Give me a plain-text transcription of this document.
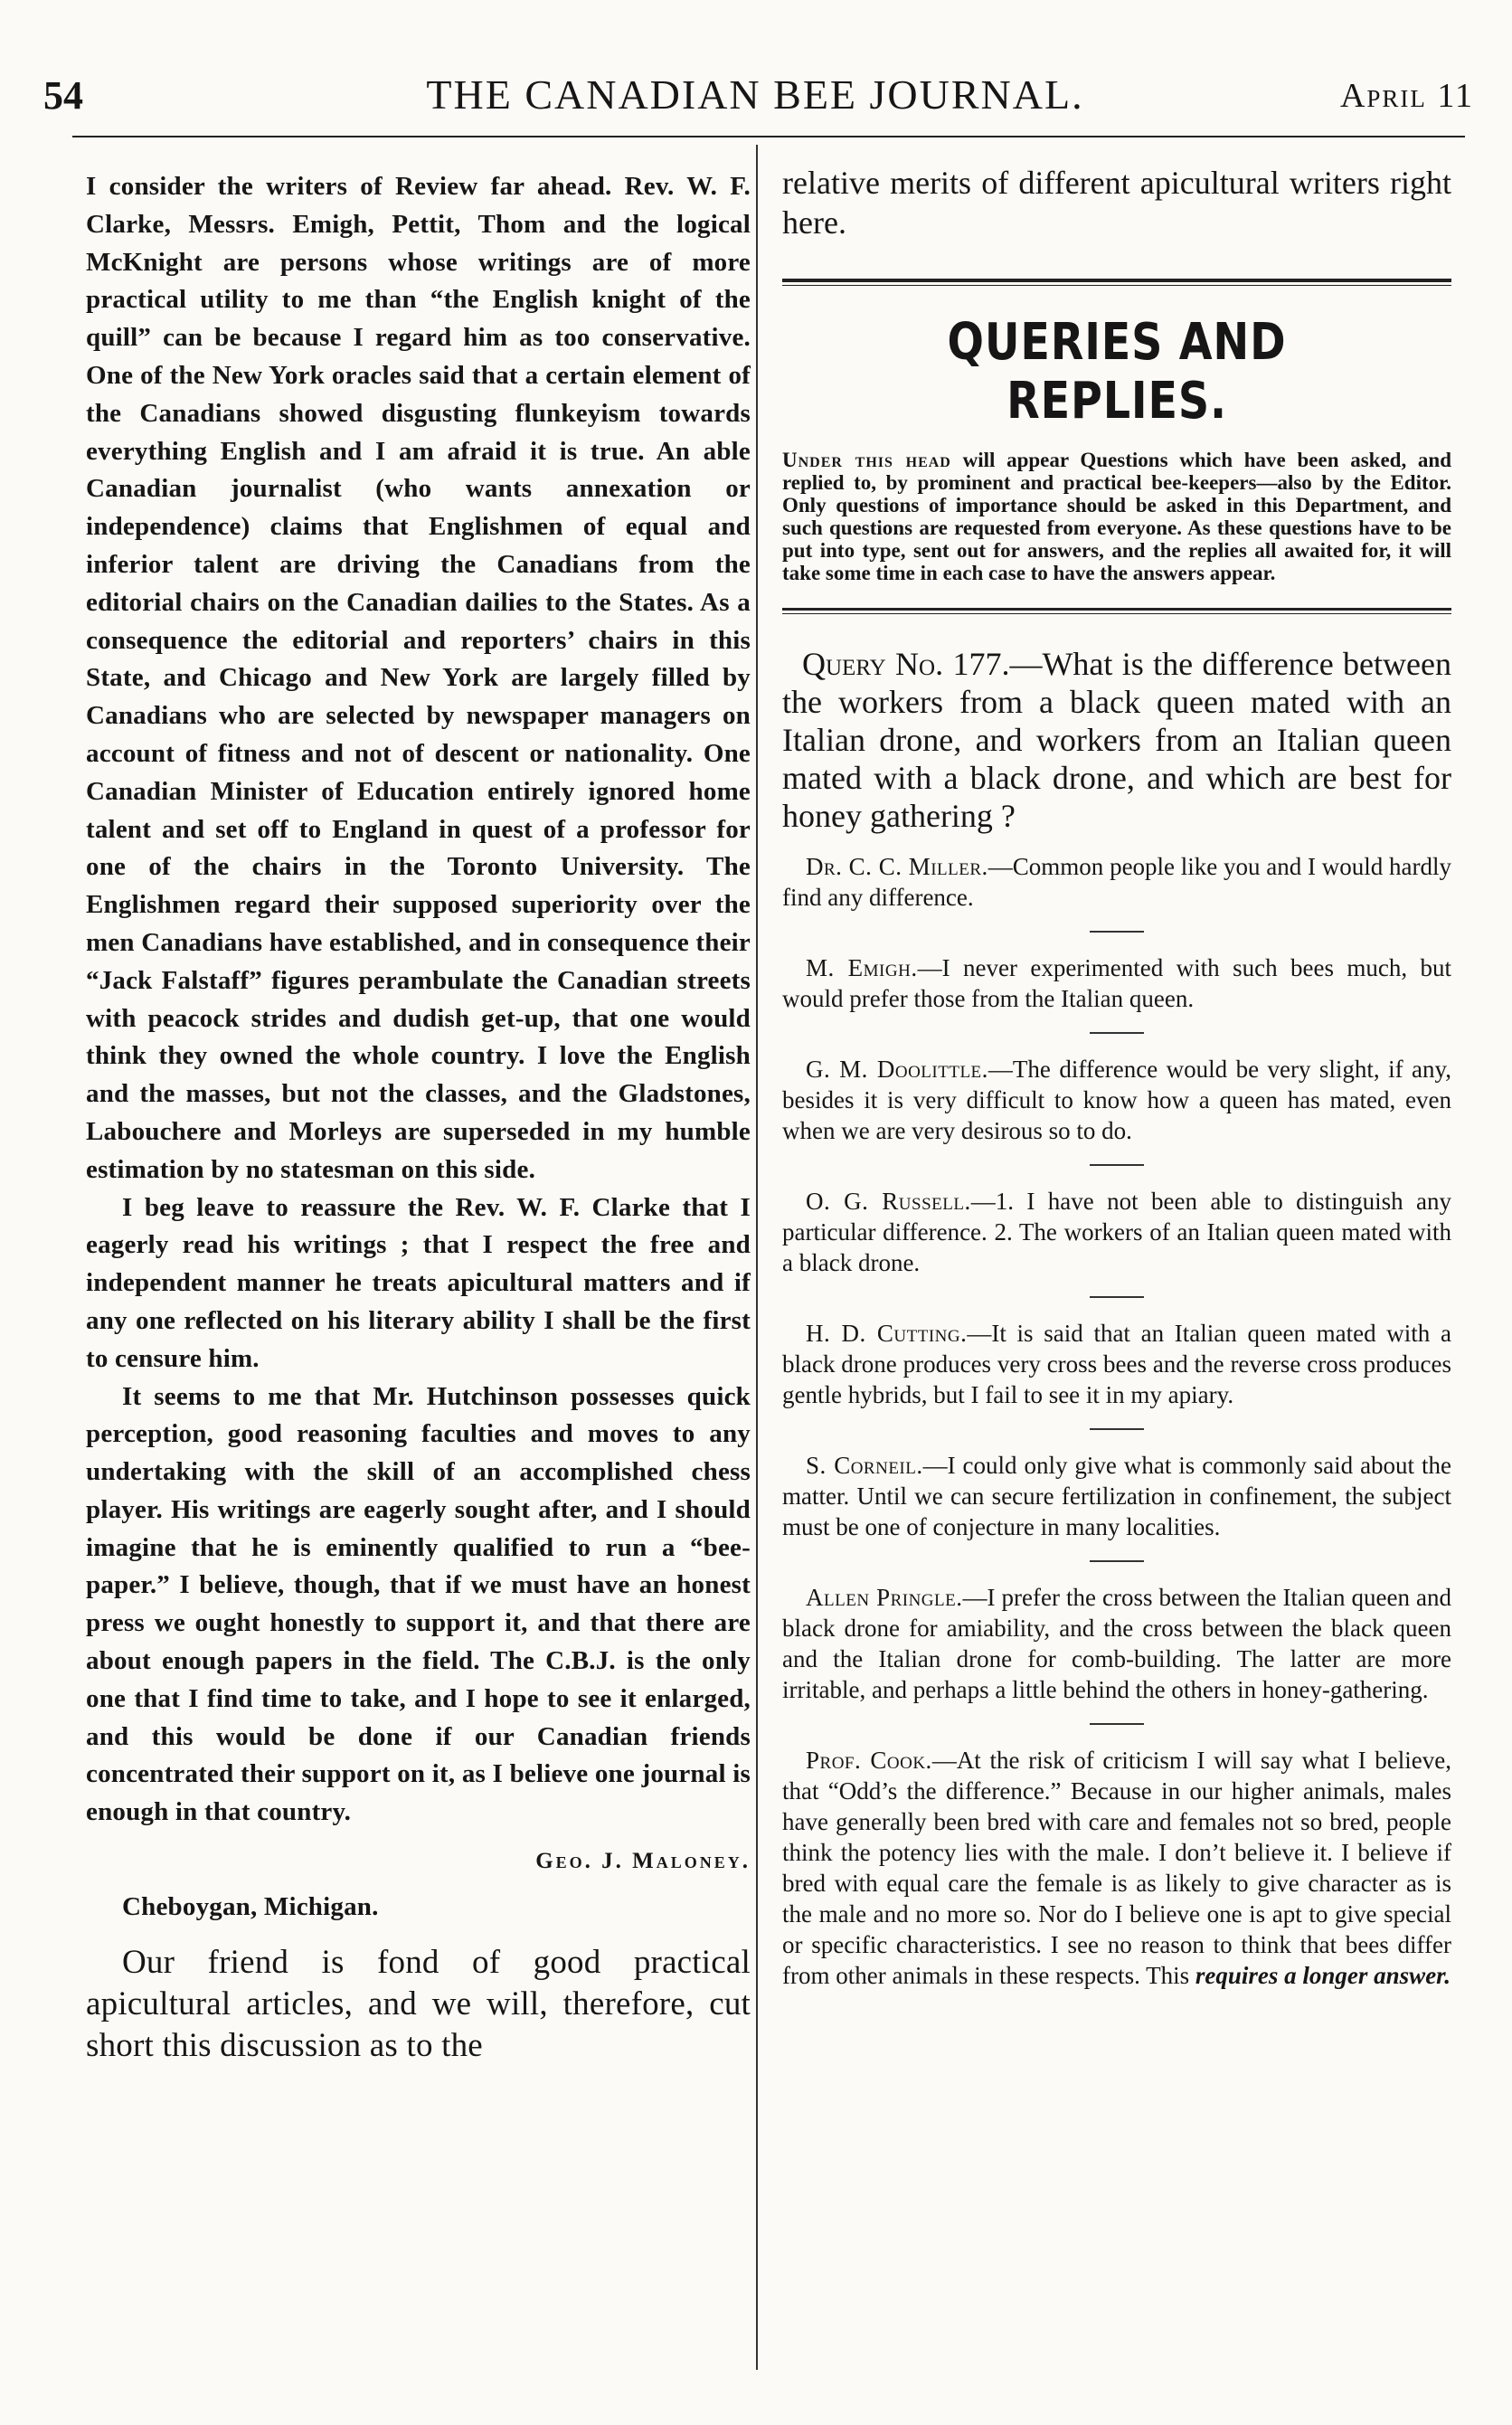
54	THE CANADIAN BEE JOURNAL.	April 11

I consider the writers of Review far ahead. Rev. W. F. Clarke, Messrs. Emigh, Pettit, Thom and the logical McKnight are persons whose writings are of more practical utility to me than “the English knight of the quill” can be because I regard him as too conservative. One of the New York oracles said that a certain element of the Canadians showed disgusting flunkeyism towards everything English and I am afraid it is true. An able Canadian journalist (who wants annexation or independence) claims that Englishmen of equal and inferior talent are driving the Canadians from the editorial chairs on the Canadian dailies to the States. As a consequence the editorial and reporters’ chairs in this State, and Chicago and New York are largely filled by Canadians who are selected by newspaper managers on account of fitness and not of descent or nationality. One Canadian Minister of Education entirely ignored home talent and set off to England in quest of a professor for one of the chairs in the Toronto University. The Englishmen regard their supposed superiority over the men Canadians have established, and in consequence their “Jack Falstaff” figures perambulate the Canadian streets with peacock strides and dudish get-up, that one would think they owned the whole country. I love the English and the masses, but not the classes, and the Gladstones, Labouchere and Morleys are superseded in my humble estimation by no statesman on this side.

I beg leave to reassure the Rev. W. F. Clarke that I eagerly read his writings ; that I respect the free and independent manner he treats apicultural matters and if any one reflected on his literary ability I shall be the first to censure him.

It seems to me that Mr. Hutchinson possesses quick perception, good reasoning faculties and moves to any undertaking with the skill of an accomplished chess player. His writings are eagerly sought after, and I should imagine that he is eminently qualified to run a “bee-paper.” I believe, though, that if we must have an honest press we ought honestly to support it, and that there are about enough papers in the field. The C.B.J. is the only one that I find time to take, and I hope to see it enlarged, and this would be done if our Canadian friends concentrated their support on it, as I believe one journal is enough in that country.

Geo. J. Maloney.

Cheboygan, Michigan.

Our friend is fond of good practical apicultural articles, and we will, therefore, cut short this discussion as to the

relative merits of different apicultural writers right here.

QUERIES AND REPLIES.

Under this head will appear Questions which have been asked, and replied to, by prominent and practical bee-keepers—also by the Editor. Only questions of importance should be asked in this Department, and such questions are requested from everyone. As these questions have to be put into type, sent out for answers, and the replies all awaited for, it will take some time in each case to have the answers appear.

Query No. 177.—What is the difference between the workers from a black queen mated with an Italian drone, and workers from an Italian queen mated with a black drone, and which are best for honey gathering ?

Dr. C. C. Miller.—Common people like you and I would hardly find any difference.

M. Emigh.—I never experimented with such bees much, but would prefer those from the Italian queen.

G. M. Doolittle.—The difference would be very slight, if any, besides it is very difficult to know how a queen has mated, even when we are very desirous so to do.

O. G. Russell.—1. I have not been able to distinguish any particular difference. 2. The workers of an Italian queen mated with a black drone.

H. D. Cutting.—It is said that an Italian queen mated with a black drone produces very cross bees and the reverse cross produces gentle hybrids, but I fail to see it in my apiary.

S. Corneil.—I could only give what is commonly said about the matter. Until we can secure fertilization in confinement, the subject must be one of conjecture in many localities.

Allen Pringle.—I prefer the cross between the Italian queen and black drone for amiability, and the cross between the black queen and the Italian drone for comb-building. The latter are more irritable, and perhaps a little behind the others in honey-gathering.

Prof. Cook.—At the risk of criticism I will say what I believe, that “Odd’s the difference.” Because in our higher animals, males have generally been bred with care and females not so bred, people think the potency lies with the male. I don’t believe it. I believe if bred with equal care the female is as likely to give character as is the male and no more so. Nor do I believe one is apt to give special or specific characteristics. I see no reason to think that bees differ from other animals in these respects. This requires a longer answer.
